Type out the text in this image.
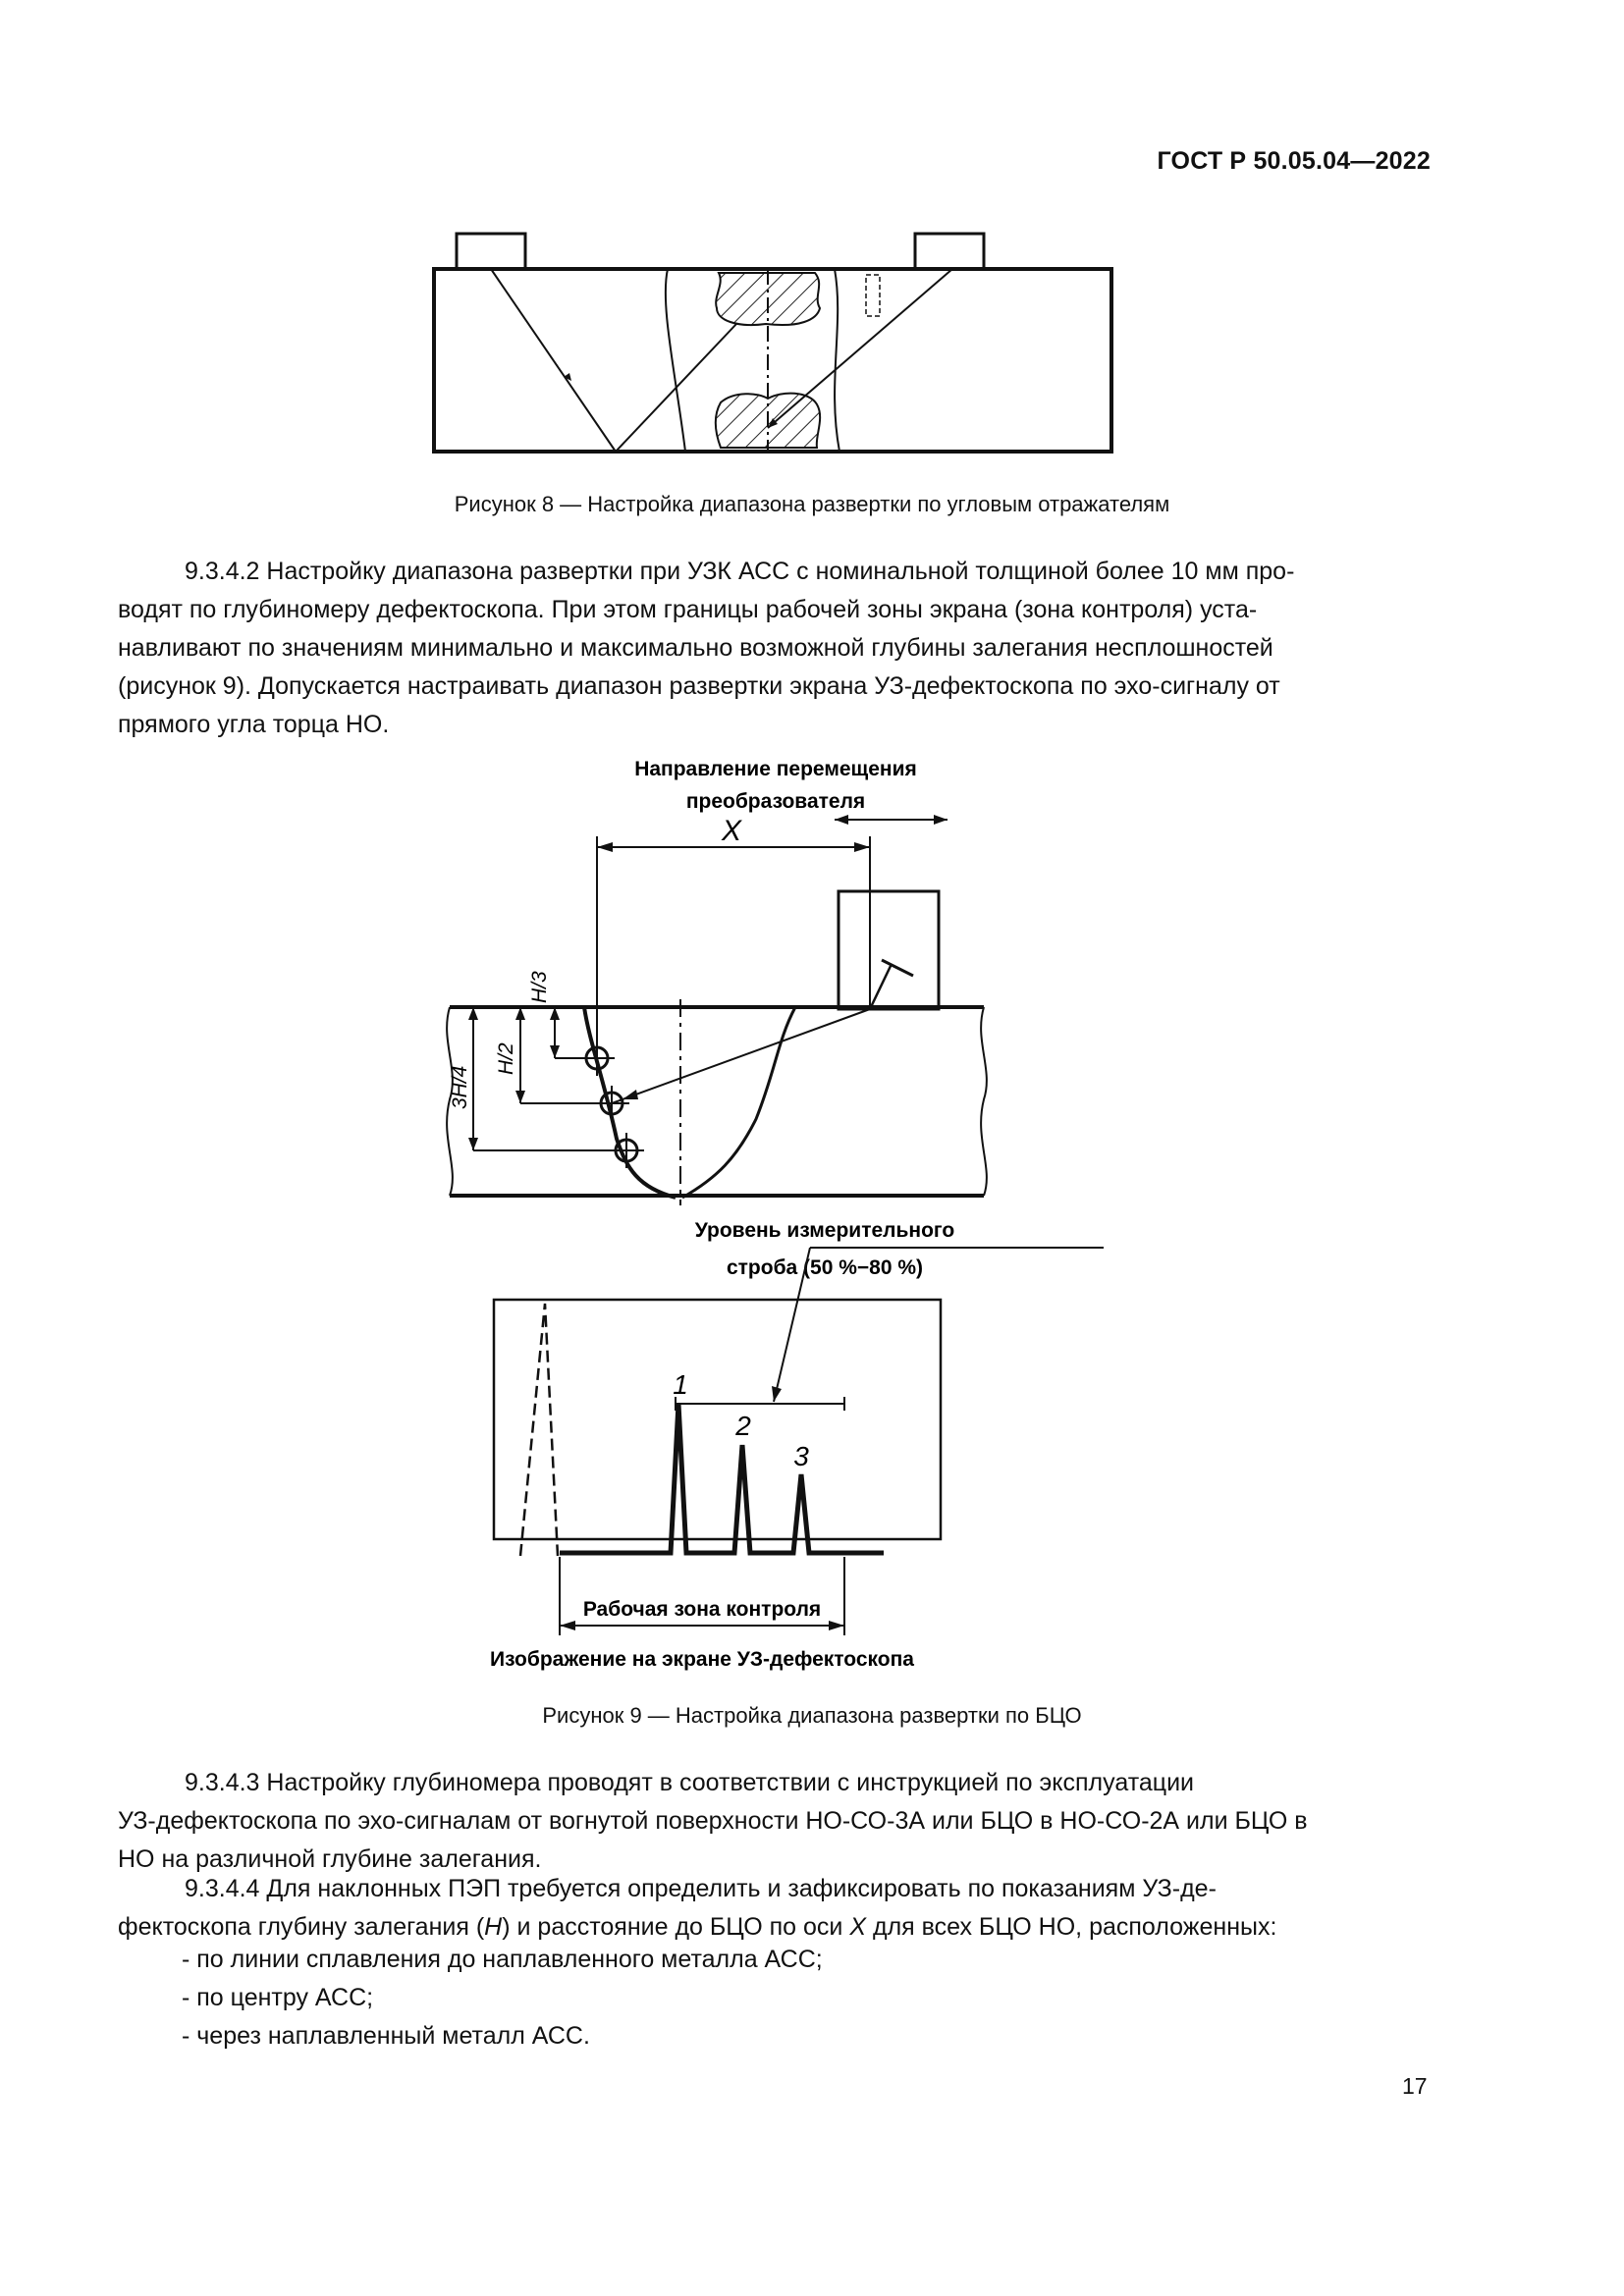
ГОСТ Р 50.05.04—2022
Рисунок 8 — Настройка диапазона развертки по угловым отражателям
9.3.4.2 Настройку диапазона развертки при УЗК АСС с номинальной толщиной более 10 мм про-
водят по глубиномеру дефектоскопа. При этом границы рабочей зоны экрана (зона контроля) уста-
навливают по значениям минимально и максимально возможной глубины залегания несплошностей
(рисунок 9). Допускается настраивать диапазон развертки экрана УЗ-дефектоскопа по эхо-сигналу от
прямого угла торца НО.
Направление перемещения
преобразователя
X
H/3
H/2
3H/4
Уровень измерительного
строба (50 %−80 %)
1
2
3
Рабочая зона контроля
Изображение на экране УЗ-дефектоскопа
Рисунок 9 — Настройка диапазона развертки по БЦО
9.3.4.3 Настройку глубиномера проводят в соответствии с инструкцией по эксплуатации
УЗ-дефектоскопа по эхо-сигналам от вогнутой поверхности НО-СО-3А или БЦО в НО-СО-2А или БЦО в
НО на различной глубине залегания.
9.3.4.4 Для наклонных ПЭП требуется определить и зафиксировать по показаниям УЗ-де-
фектоскопа глубину залегания (H) и расстояние до БЦО по оси X для всех БЦО НО, расположенных:
- по линии сплавления до наплавленного металла АСС;
- по центру АСС;
- через наплавленный металл АСС.
17
